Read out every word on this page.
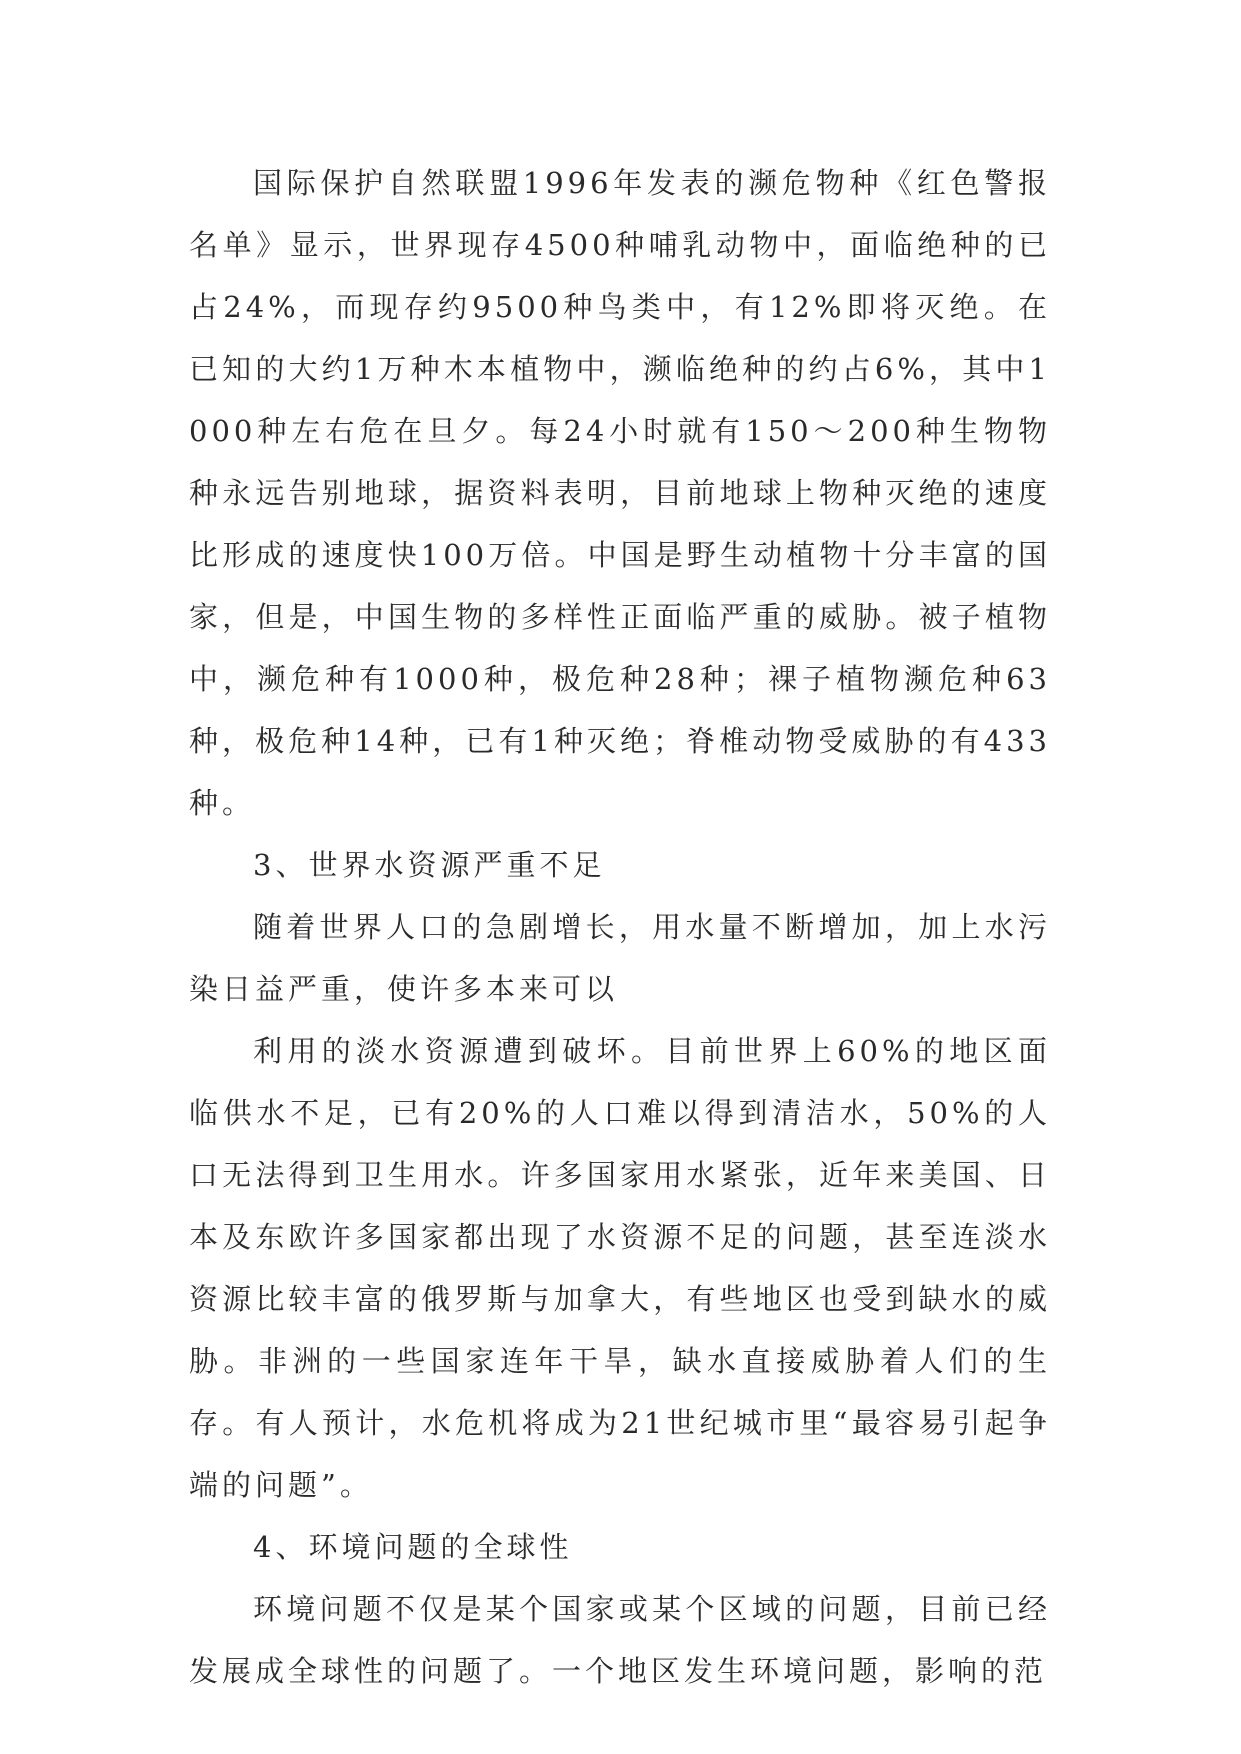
国际保护自然联盟1996年发表的濒危物种《红色警报名单》显示，世界现存4500种哺乳动物中，面临绝种的已占24%，而现存约9500种鸟类中，有12%即将灭绝。在已知的大约1万种木本植物中，濒临绝种的约占6%，其中1000种左右危在旦夕。每24小时就有150～200种生物物种永远告别地球，据资料表明，目前地球上物种灭绝的速度比形成的速度快100万倍。中国是野生动植物十分丰富的国家，但是，中国生物的多样性正面临严重的威胁。被子植物中，濒危种有1000种，极危种28种；裸子植物濒危种63种，极危种14种，已有1种灭绝；脊椎动物受威胁的有433种。

3、世界水资源严重不足

随着世界人口的急剧增长，用水量不断增加，加上水污染日益严重，使许多本来可以

利用的淡水资源遭到破坏。目前世界上60%的地区面临供水不足，已有20%的人口难以得到清洁水，50%的人口无法得到卫生用水。许多国家用水紧张，近年来美国、日本及东欧许多国家都出现了水资源不足的问题，甚至连淡水资源比较丰富的俄罗斯与加拿大，有些地区也受到缺水的威胁。非洲的一些国家连年干旱，缺水直接威胁着人们的生存。有人预计，水危机将成为21世纪城市里“最容易引起争端的问题”。

4、环境问题的全球性

环境问题不仅是某个国家或某个区域的问题，目前已经发展成全球性的问题了。一个地区发生环境问题，影响的范
